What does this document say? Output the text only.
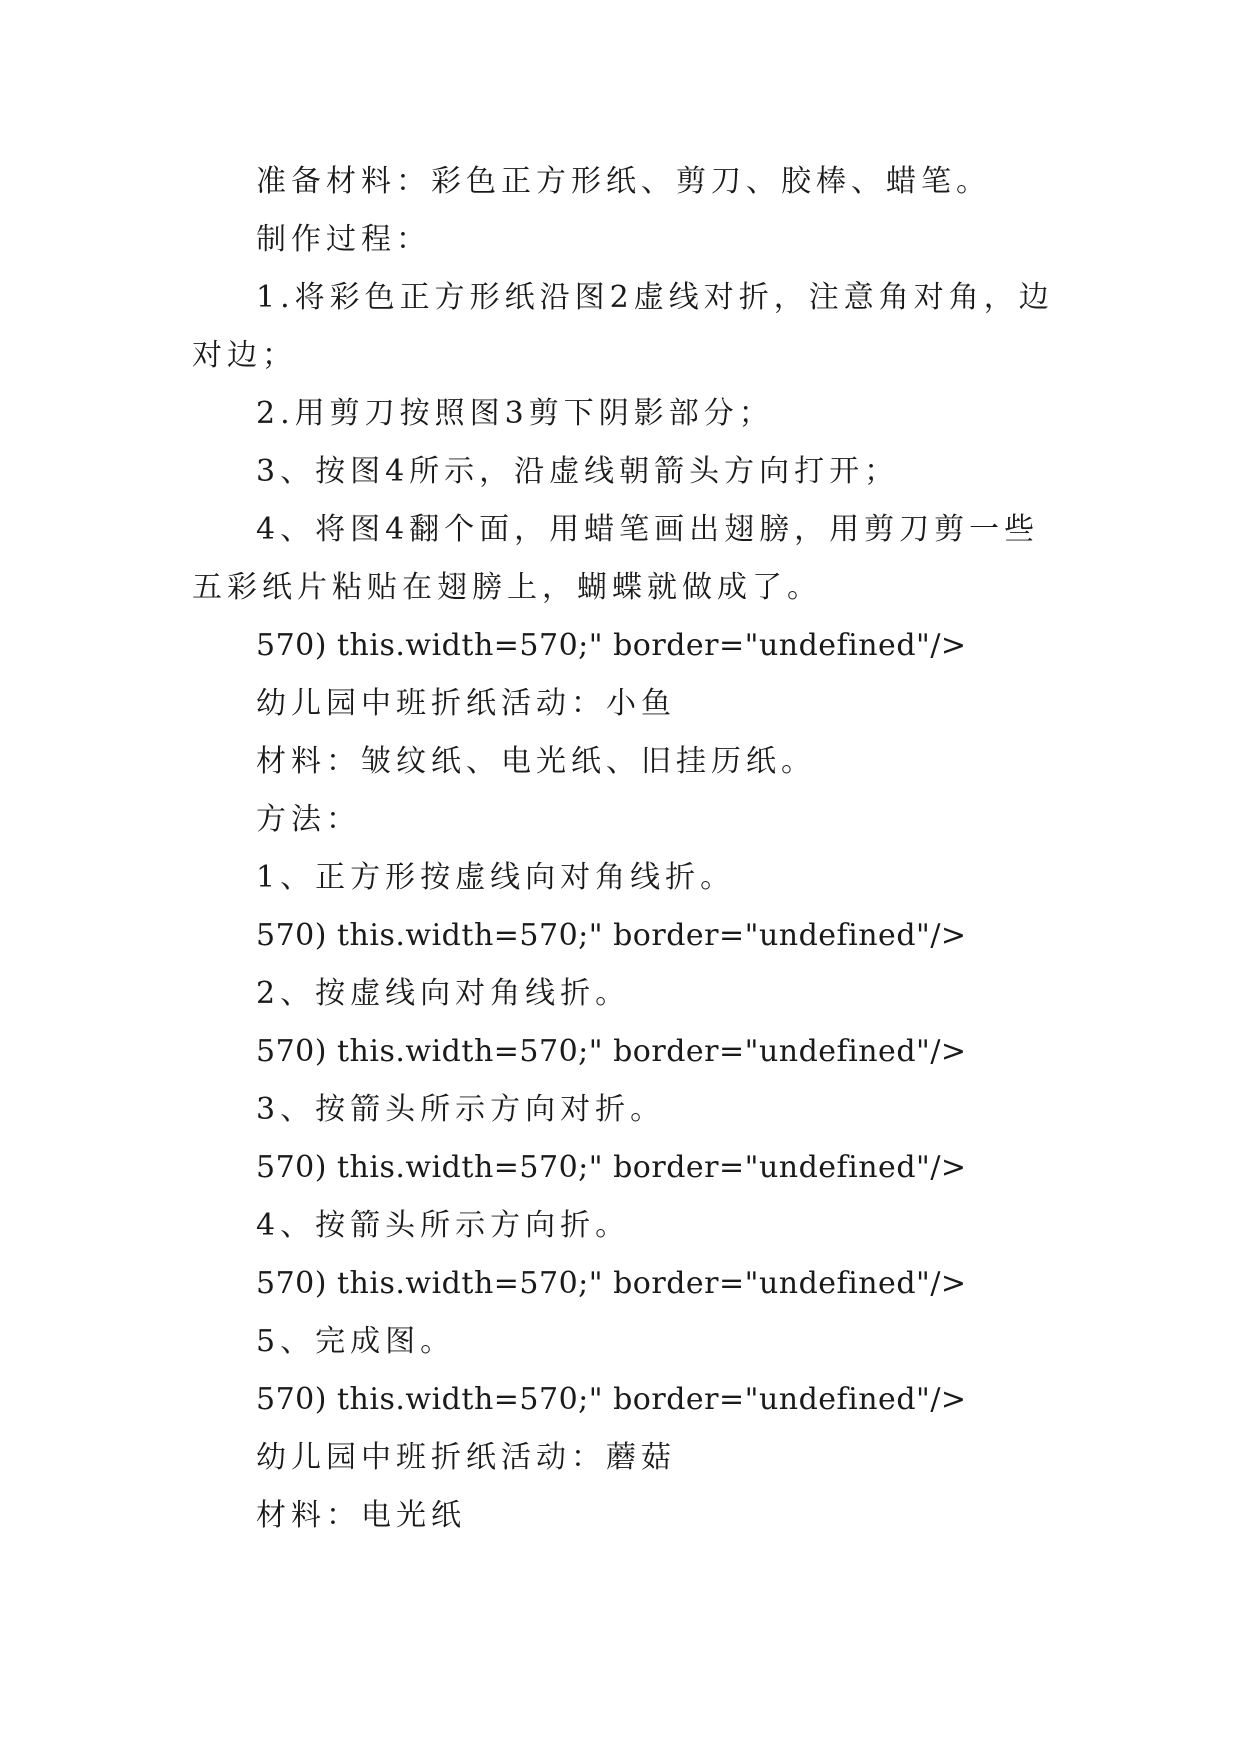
准备材料：彩色正方形纸、剪刀、胶棒、蜡笔。

制作过程：

1.将彩色正方形纸沿图2虚线对折，注意角对角，边对边；

2.用剪刀按照图3剪下阴影部分；

3、按图4所示，沿虚线朝箭头方向打开；

4、将图4翻个面，用蜡笔画出翅膀，用剪刀剪一些五彩纸片粘贴在翅膀上，蝴蝶就做成了。

570) this.width=570;" border="undefined"/>

幼儿园中班折纸活动：小鱼

材料：皱纹纸、电光纸、旧挂历纸。

方法：

1、正方形按虚线向对角线折。

570) this.width=570;" border="undefined"/>

2、按虚线向对角线折。

570) this.width=570;" border="undefined"/>

3、按箭头所示方向对折。

570) this.width=570;" border="undefined"/>

4、按箭头所示方向折。

570) this.width=570;" border="undefined"/>

5、完成图。

570) this.width=570;" border="undefined"/>

幼儿园中班折纸活动：蘑菇

材料：电光纸
